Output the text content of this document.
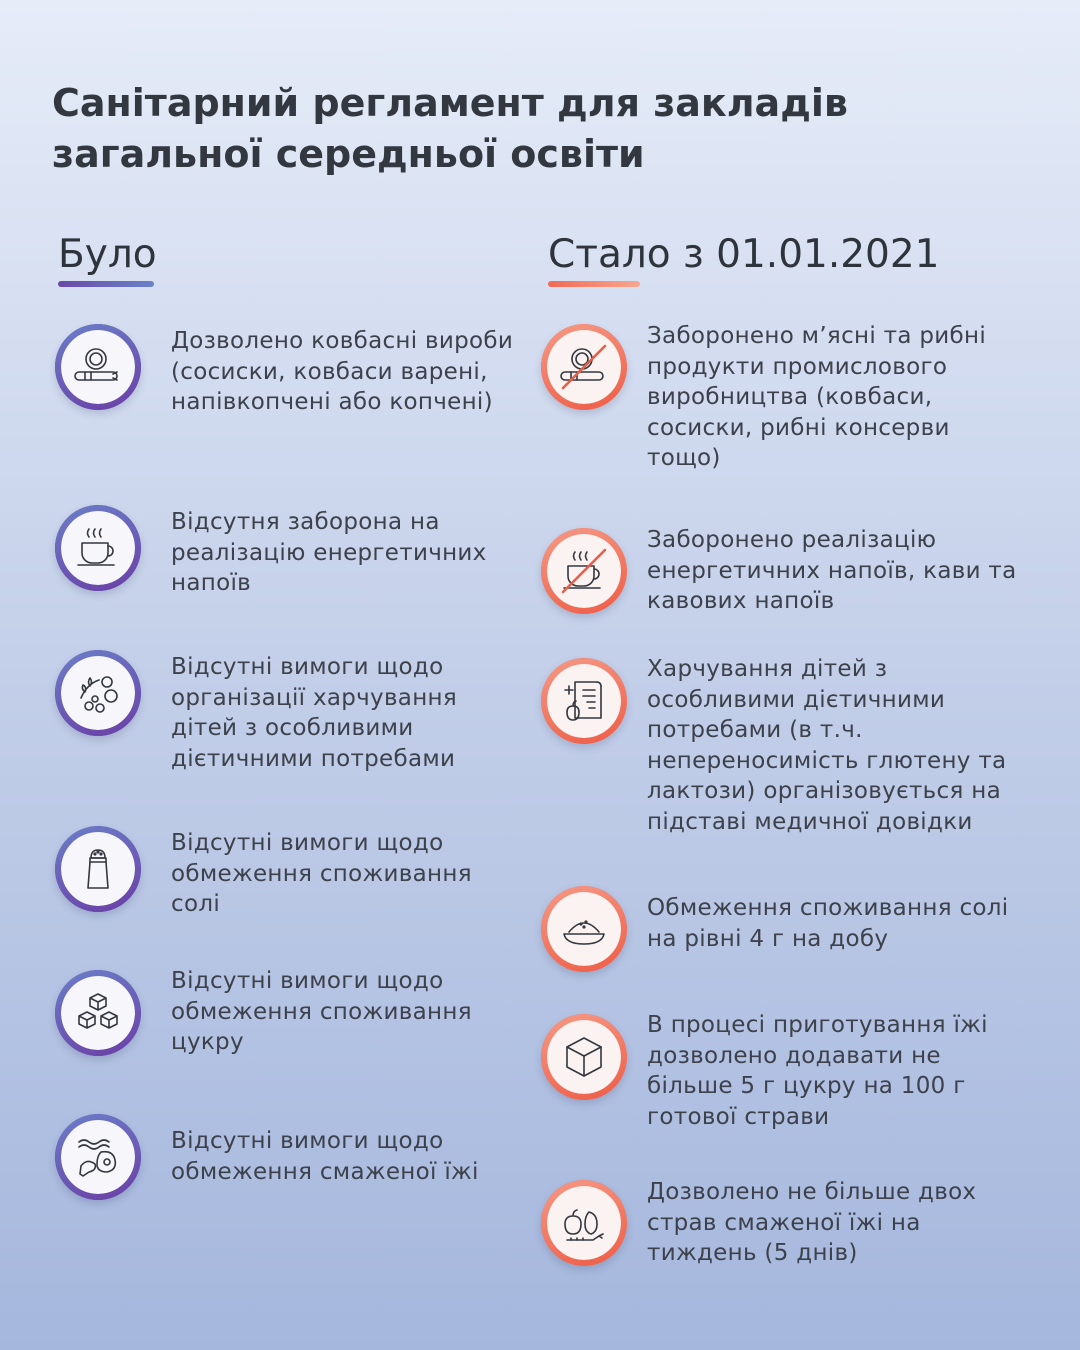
Санітарний регламент для закладів загальної середньої освіти
Було	Стало з 01.01.2021
Дозволено ковбасні вироби (сосиски, ковбаси варені, напівкопчені або копчені)
Відсутня заборона на реалізацію енергетичних напоїв
Відсутні вимоги щодо організації харчування дітей з особливими дієтичними потребами
Відсутні вимоги щодо обмеження споживання солі
Відсутні вимоги щодо обмеження споживання цукру
Відсутні вимоги щодо обмеження смаженої їжі
Заборонено м’ясні та рибні продукти промислового виробництва (ковбаси, сосиски, рибні консерви тощо)
Заборонено реалізацію енергетичних напоїв, кави та кавових напоїв
Харчування дітей з особливими дієтичними потребами (в т.ч. непереносимість глютену та лактози) організовується на підставі медичної довідки
Обмеження споживання солі на рівні 4 г на добу
В процесі приготування їжі дозволено додавати не більше 5 г цукру на 100 г готової страви
Дозволено не більше двох страв смаженої їжі на тиждень (5 днів)
